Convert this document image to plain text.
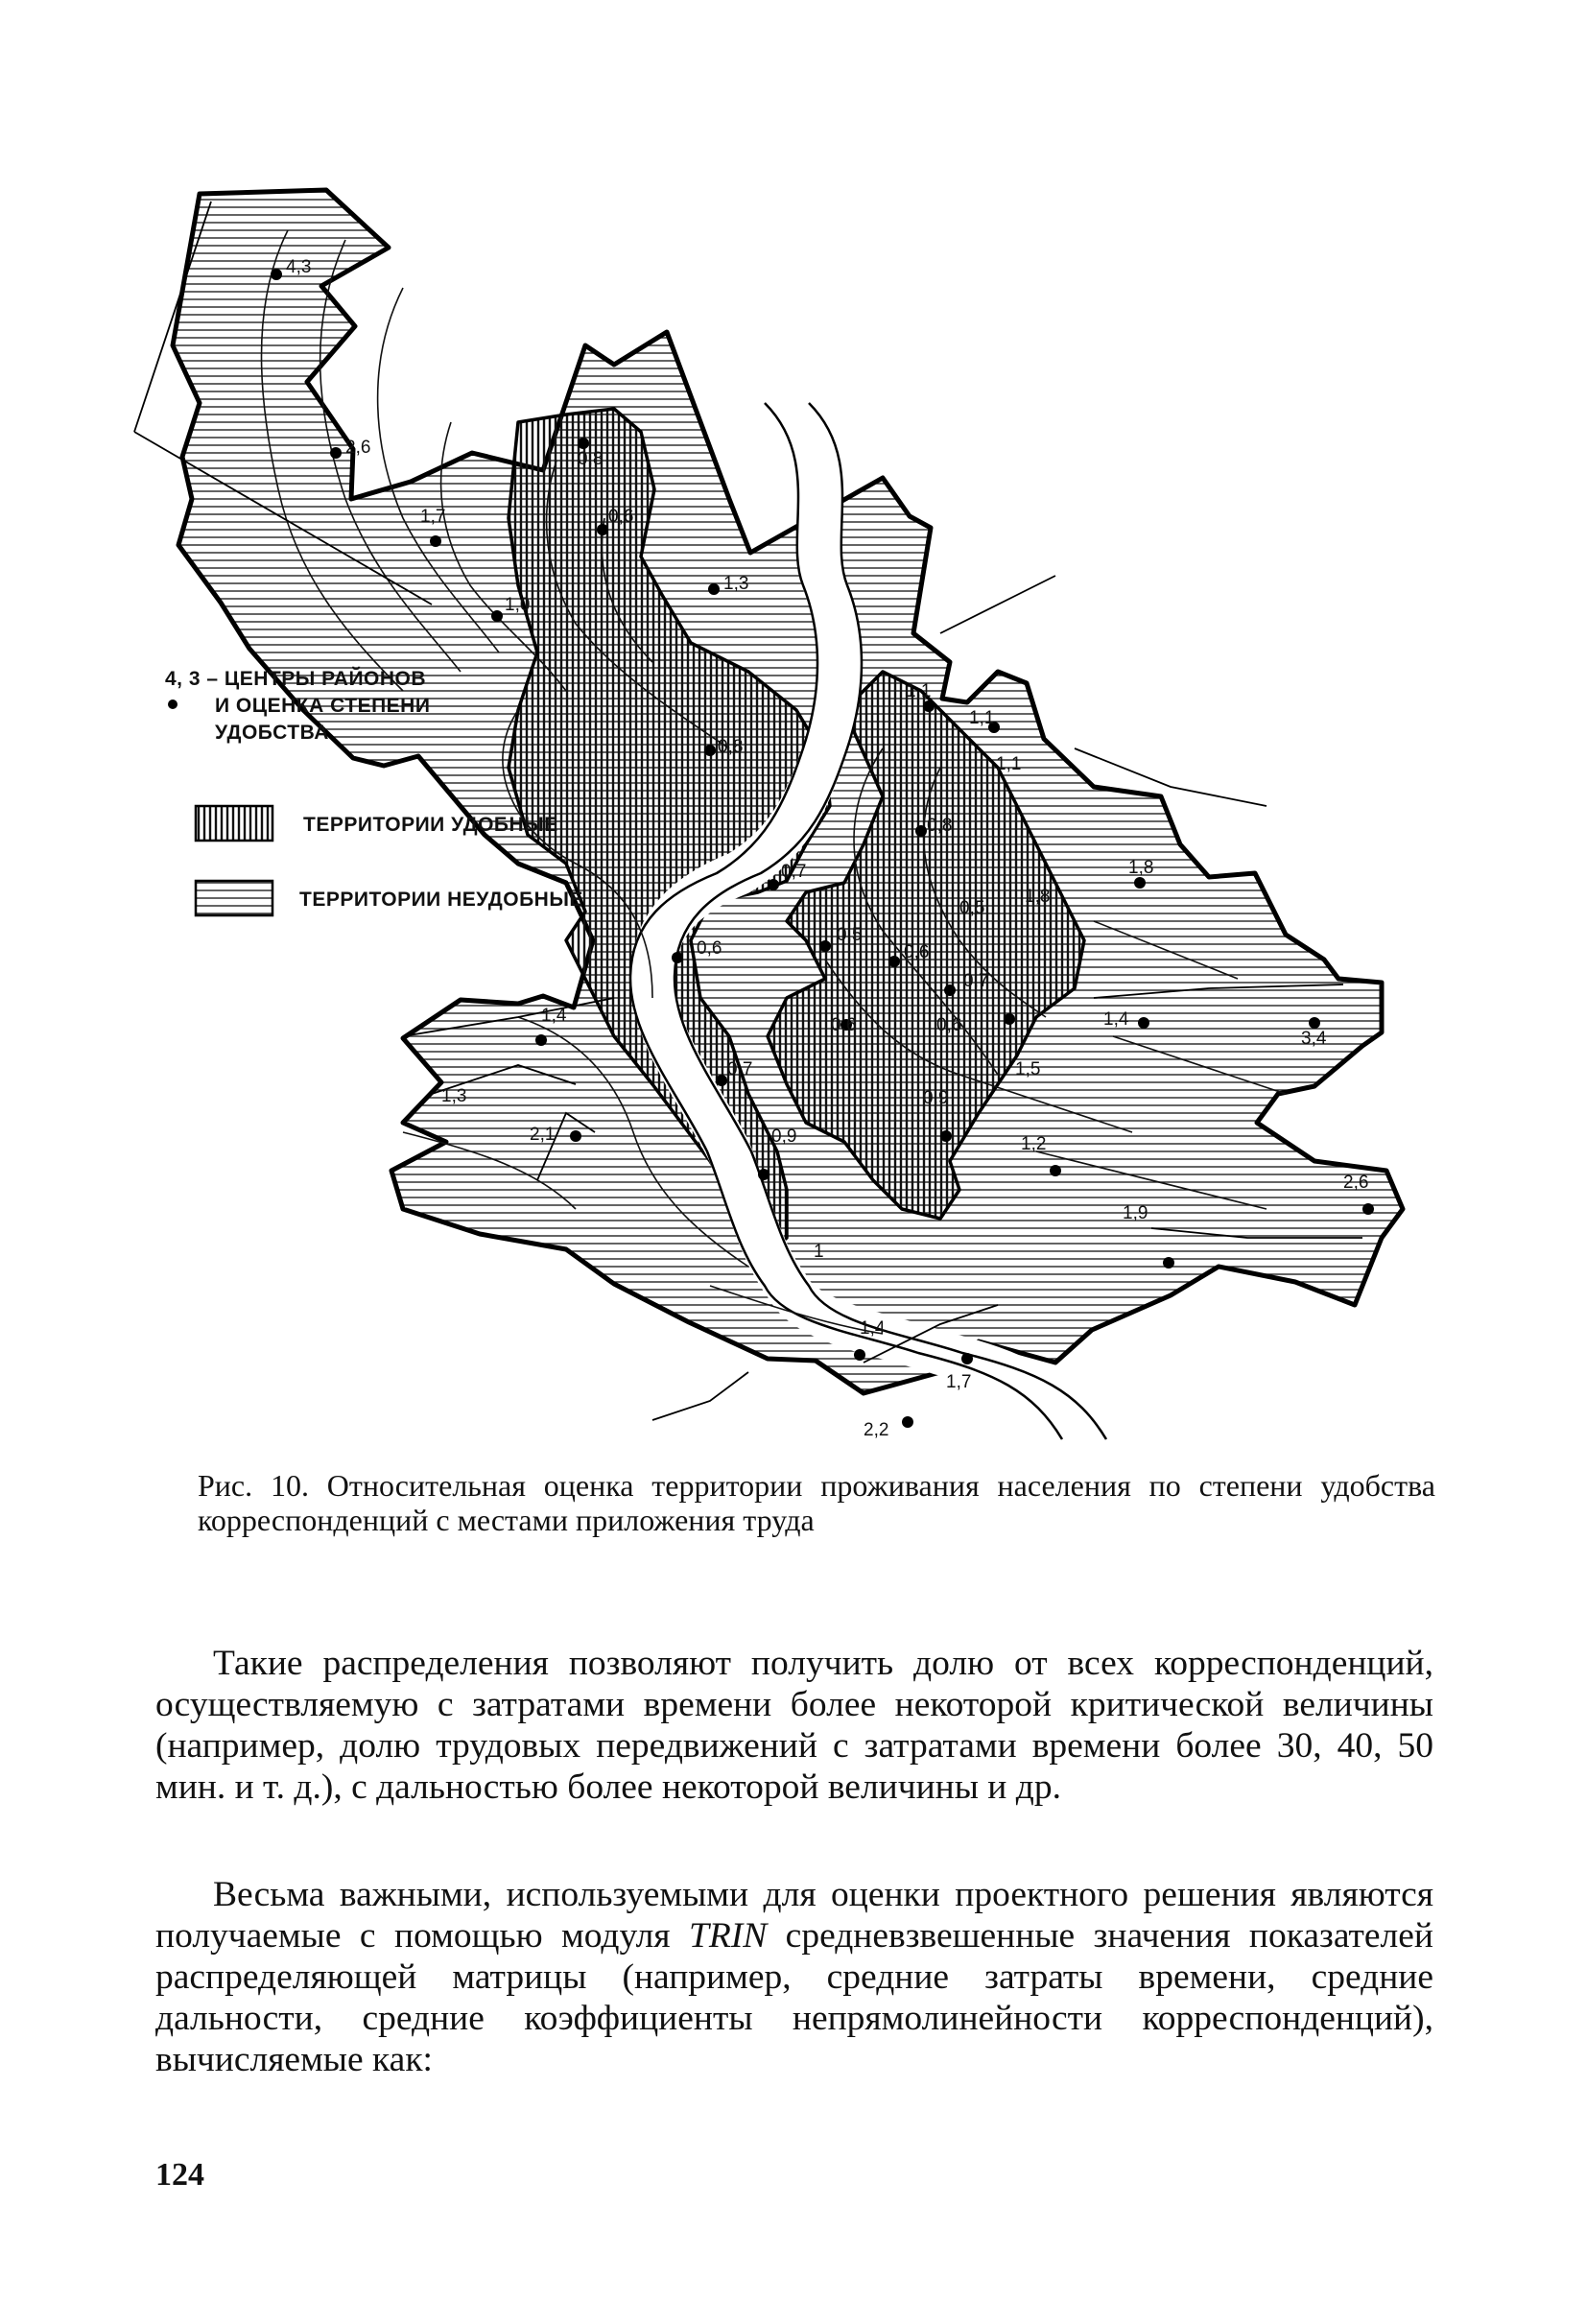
4,3
2,6
1,7
0,8
0,6
1,0
1,3
0,8
1,1
1,1
1,1
0,8
1,8
1,8
0,7
0,5
0,5
0,6	0,6
0,7
0,6	0,6	1,4
1,4
3,4
0,7
1,3
2,1	0,9
1,5
0,9
1,2
2,6
1,9
1
1,4
1,7
2,2
4, 3 – ЦЕНТРЫ РАЙОНОВ
И ОЦЕНКА СТЕПЕНИ
УДОБСТВА
ТЕРРИТОРИИ УДОБНЫЕ
ТЕРРИТОРИИ НЕУДОБНЫЕ
Рис. 10. Относительная оценка территории проживания населения по степени удобства корреспонденций с местами приложения труда
Такие распределения позволяют получить долю от всех корреспонденций, осуществляемую с затратами времени более некоторой критической величины (например, долю трудовых передвижений с затратами времени более 30, 40, 50 мин. и т. д.), с дальностью более некоторой величины и др.
Весьма важными, используемыми для оценки проектного решения являются получаемые с помощью модуля TRIN средневзвешенные значения показателей распределяющей матрицы (например, средние затраты времени, средние дальности, средние коэффициенты непрямолинейности корреспонденций), вычисляемые как:
124
